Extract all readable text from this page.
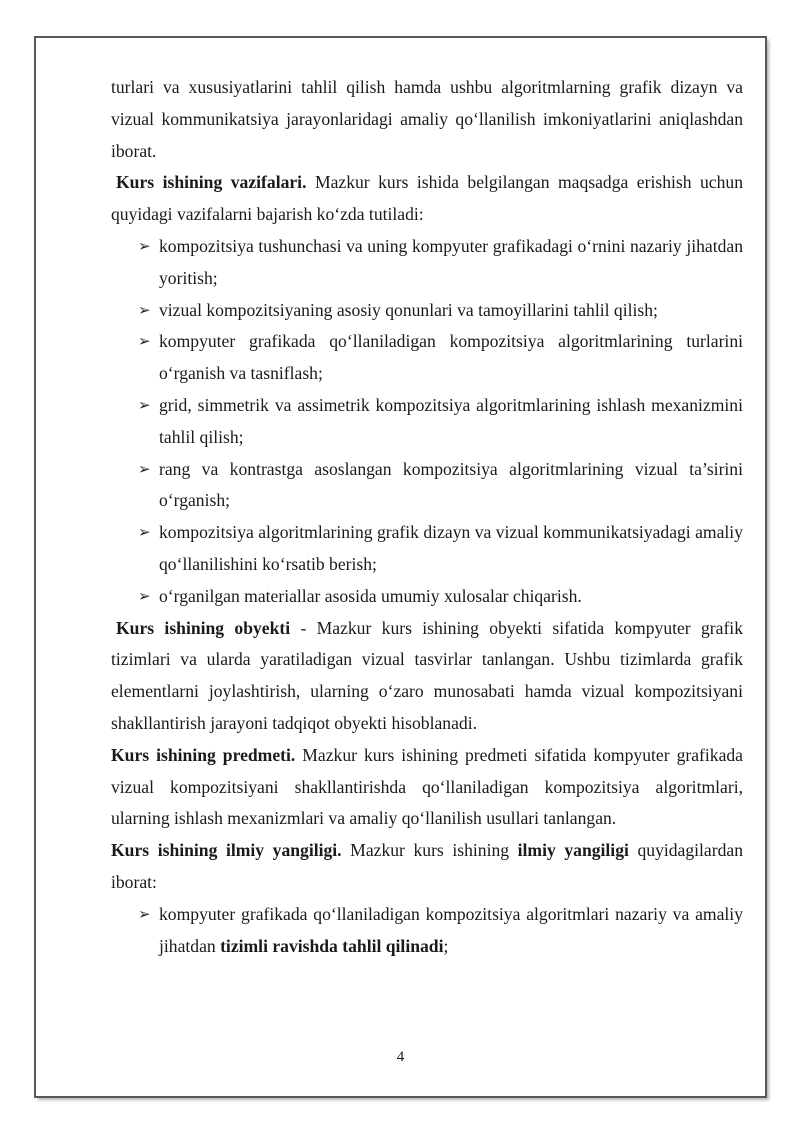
turlari va xususiyatlarini tahlil qilish hamda ushbu algoritmlarning grafik dizayn va vizual kommunikatsiya jarayonlaridagi amaliy qo‘llanilish imkoniyatlarini aniqlashdan iborat.

Kurs ishining vazifalari. Mazkur kurs ishida belgilangan maqsadga erishish uchun quyidagi vazifalarni bajarish ko‘zda tutiladi:

➢ kompozitsiya tushunchasi va uning kompyuter grafikadagi o‘rnini nazariy jihatdan yoritish;
➢ vizual kompozitsiyaning asosiy qonunlari va tamoyillarini tahlil qilish;
➢ kompyuter grafikada qo‘llaniladigan kompozitsiya algoritmlarining turlarini o‘rganish va tasniflash;
➢ grid, simmetrik va assimetrik kompozitsiya algoritmlarining ishlash mexanizmini tahlil qilish;
➢ rang va kontrastga asoslangan kompozitsiya algoritmlarining vizual ta’sirini o‘rganish;
➢ kompozitsiya algoritmlarining grafik dizayn va vizual kommunikatsiyadagi amaliy qo‘llanilishini ko‘rsatib berish;
➢ o‘rganilgan materiallar asosida umumiy xulosalar chiqarish.

Kurs ishining obyekti - Mazkur kurs ishining obyekti sifatida kompyuter grafik tizimlari va ularda yaratiladigan vizual tasvirlar tanlangan. Ushbu tizimlarda grafik elementlarni joylashtirish, ularning o‘zaro munosabati hamda vizual kompozitsiyani shakllantirish jarayoni tadqiqot obyekti hisoblanadi.

Kurs ishining predmeti. Mazkur kurs ishining predmeti sifatida kompyuter grafikada vizual kompozitsiyani shakllantirishda qo‘llaniladigan kompozitsiya algoritmlari, ularning ishlash mexanizmlari va amaliy qo‘llanilish usullari tanlangan.

Kurs ishining ilmiy yangiligi. Mazkur kurs ishining ilmiy yangiligi quyidagilardan iborat:

➢ kompyuter grafikada qo‘llaniladigan kompozitsiya algoritmlari nazariy va amaliy jihatdan tizimli ravishda tahlil qilinadi;
4
